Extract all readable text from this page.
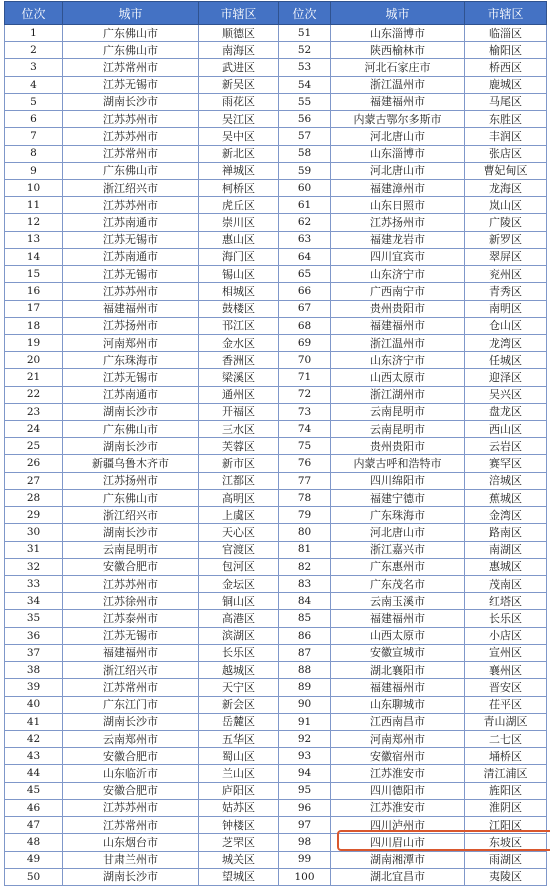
位次	城市	市辖区	位次	城市	市辖区
1	广东佛山市	顺德区	51	山东淄博市	临淄区
2	广东佛山市	南海区	52	陕西榆林市	榆阳区
3	江苏常州市	武进区	53	河北石家庄市	桥西区
4	江苏无锡市	新吴区	54	浙江温州市	鹿城区
5	湖南长沙市	雨花区	55	福建福州市	马尾区
6	江苏苏州市	吴江区	56	内蒙古鄂尔多斯市	东胜区
7	江苏苏州市	吴中区	57	河北唐山市	丰润区
8	江苏常州市	新北区	58	山东淄博市	张店区
9	广东佛山市	禅城区	59	河北唐山市	曹妃甸区
10	浙江绍兴市	柯桥区	60	福建漳州市	龙海区
11	江苏苏州市	虎丘区	61	山东日照市	岚山区
12	江苏南通市	崇川区	62	江苏扬州市	广陵区
13	江苏无锡市	惠山区	63	福建龙岩市	新罗区
14	江苏南通市	海门区	64	四川宜宾市	翠屏区
15	江苏无锡市	锡山区	65	山东济宁市	兖州区
16	江苏苏州市	相城区	66	广西南宁市	青秀区
17	福建福州市	鼓楼区	67	贵州贵阳市	南明区
18	江苏扬州市	邗江区	68	福建福州市	仓山区
19	河南郑州市	金水区	69	浙江温州市	龙湾区
20	广东珠海市	香洲区	70	山东济宁市	任城区
21	江苏无锡市	梁溪区	71	山西太原市	迎泽区
22	江苏南通市	通州区	72	浙江湖州市	吴兴区
23	湖南长沙市	开福区	73	云南昆明市	盘龙区
24	广东佛山市	三水区	74	云南昆明市	西山区
25	湖南长沙市	芙蓉区	75	贵州贵阳市	云岩区
26	新疆乌鲁木齐市	新市区	76	内蒙古呼和浩特市	赛罕区
27	江苏扬州市	江都区	77	四川绵阳市	涪城区
28	广东佛山市	高明区	78	福建宁德市	蕉城区
29	浙江绍兴市	上虞区	79	广东珠海市	金湾区
30	湖南长沙市	天心区	80	河北唐山市	路南区
31	云南昆明市	官渡区	81	浙江嘉兴市	南湖区
32	安徽合肥市	包河区	82	广东惠州市	惠城区
33	江苏苏州市	金坛区	83	广东茂名市	茂南区
34	江苏徐州市	铜山区	84	云南玉溪市	红塔区
35	江苏泰州市	高港区	85	福建福州市	长乐区
36	江苏无锡市	滨湖区	86	山西太原市	小店区
37	福建福州市	长乐区	87	安徽宣城市	宣州区
38	浙江绍兴市	越城区	88	湖北襄阳市	襄州区
39	江苏常州市	天宁区	89	福建福州市	晋安区
40	广东江门市	新会区	90	山东聊城市	茌平区
41	湖南长沙市	岳麓区	91	江西南昌市	青山湖区
42	云南郑州市	五华区	92	河南郑州市	二七区
43	安徽合肥市	蜀山区	93	安徽宿州市	埇桥区
44	山东临沂市	兰山区	94	江苏淮安市	清江浦区
45	安徽合肥市	庐阳区	95	四川德阳市	旌阳区
46	江苏苏州市	姑苏区	96	江苏淮安市	淮阴区
47	江苏常州市	钟楼区	97	四川泸州市	江阳区
48	山东烟台市	芝罘区	98	四川眉山市	东坡区
49	甘肃兰州市	城关区	99	湖南湘潭市	雨湖区
50	湖南长沙市	望城区	100	湖北宜昌市	夷陵区
